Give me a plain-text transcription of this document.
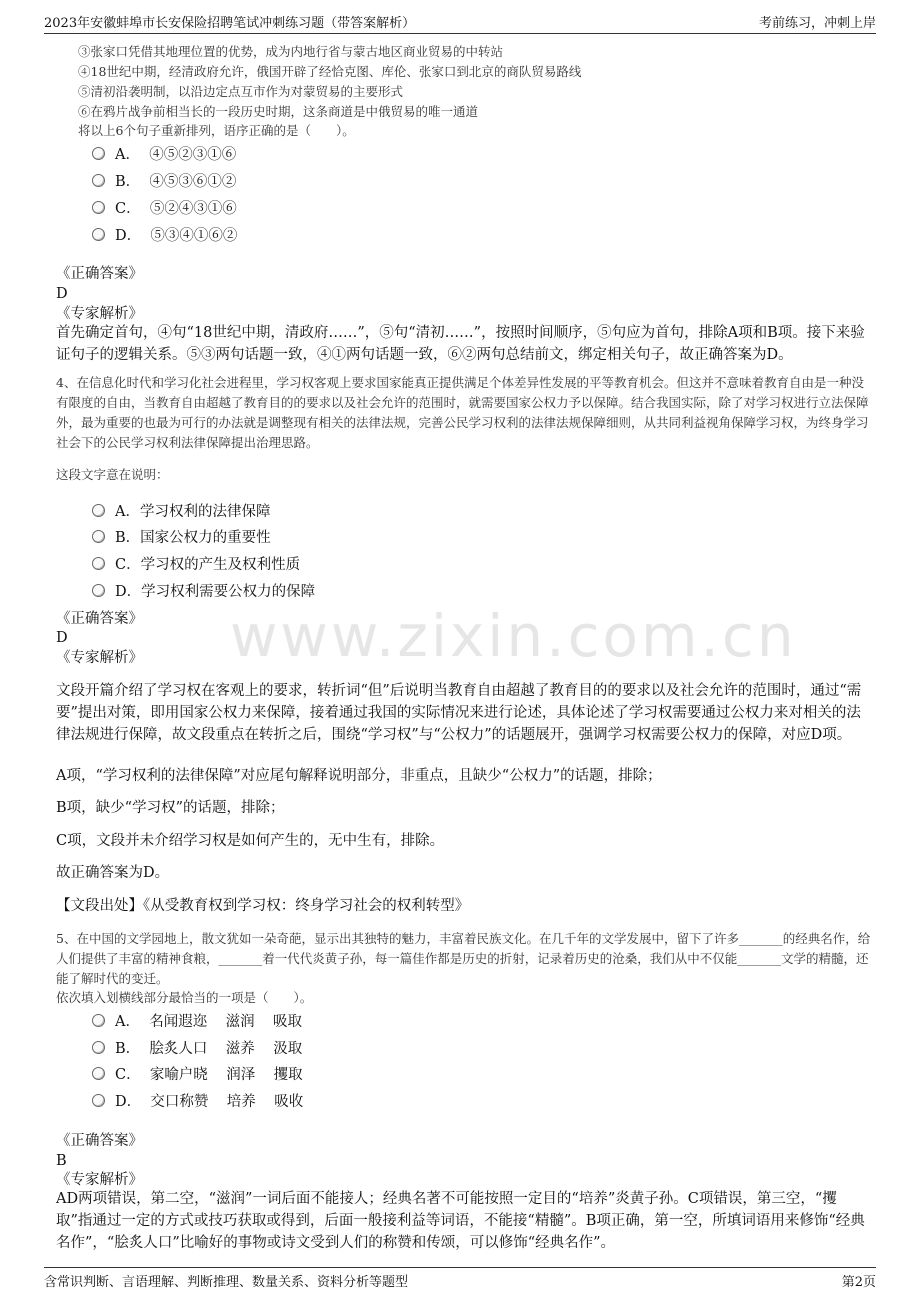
2023年安徽蚌埠市长安保险招聘笔试冲刺练习题（带答案解析）	考前练习，冲刺上岸
www.zixin.com.cn
③张家口凭借其地理位置的优势，成为内地行省与蒙古地区商业贸易的中转站
④18世纪中期，经清政府允许，俄国开辟了经恰克图、库伦、张家口到北京的商队贸易路线
⑤清初沿袭明制，以沿边定点互市作为对蒙贸易的主要形式
⑥在鸦片战争前相当长的一段历史时期，这条商道是中俄贸易的唯一通道
将以上6个句子重新排列，语序正确的是（　　）。
A．  ④⑤②③①⑥
B．  ④⑤③⑥①②
C．  ⑤②④③①⑥
D．  ⑤③④①⑥②
《正确答案》
D
《专家解析》
首先确定首句，④句“18世纪中期，清政府……”，⑤句“清初……”，按照时间顺序，⑤句应为首句，排除A项和B项。接下来验证句子的逻辑关系。⑤③两句话题一致，④①两句话题一致，⑥②两句总结前文，绑定相关句子，故正确答案为D。
4、在信息化时代和学习化社会进程里，学习权客观上要求国家能真正提供满足个体差异性发展的平等教育机会。但这并不意味着教育自由是一种没有限度的自由，当教育自由超越了教育目的的要求以及社会允许的范围时，就需要国家公权力予以保障。结合我国实际，除了对学习权进行立法保障外，最为重要的也最为可行的办法就是调整现有相关的法律法规，完善公民学习权利的法律法规保障细则，从共同利益视角保障学习权，为终身学习社会下的公民学习权利法律保障提出治理思路。
这段文字意在说明：
A．学习权利的法律保障
B．国家公权力的重要性
C．学习权的产生及权利性质
D．学习权利需要公权力的保障
《正确答案》
D
《专家解析》
文段开篇介绍了学习权在客观上的要求，转折词“但”后说明当教育自由超越了教育目的的要求以及社会允许的范围时，通过“需要”提出对策，即用国家公权力来保障，接着通过我国的实际情况来进行论述，具体论述了学习权需要通过公权力来对相关的法律法规进行保障，故文段重点在转折之后，围绕“学习权”与“公权力”的话题展开，强调学习权需要公权力的保障，对应D项。
A项，“学习权利的法律保障”对应尾句解释说明部分，非重点，且缺少“公权力”的话题，排除；
B项，缺少“学习权”的话题，排除；
C项，文段并未介绍学习权是如何产生的，无中生有，排除。
故正确答案为D。
【文段出处】《从受教育权到学习权：终身学习社会的权利转型》
5、在中国的文学园地上，散文犹如一朵奇葩，显示出其独特的魅力，丰富着民族文化。在几千年的文学发展中，留下了许多_______的经典名作，给人们提供了丰富的精神食粮，_______着一代代炎黄子孙，每一篇佳作都是历史的折射，记录着历史的沧桑，我们从中不仅能_______文学的精髓，还能了解时代的变迁。
依次填入划横线部分最恰当的一项是（　　）。
A．  名闻遐迩    滋润    吸取
B．  脍炙人口    滋养    汲取
C．  家喻户晓    润泽    攫取
D．  交口称赞    培养    吸收
《正确答案》
B
《专家解析》
AD两项错误，第二空，“滋润”一词后面不能接人；经典名著不可能按照一定目的“培养”炎黄子孙。C项错误，第三空，“攫取”指通过一定的方式或技巧获取或得到，后面一般接利益等词语，不能接“精髓”。B项正确，第一空，所填词语用来修饰“经典名作”，“脍炙人口”比喻好的事物或诗文受到人们的称赞和传颂，可以修饰“经典名作”。
含常识判断、言语理解、判断推理、数量关系、资料分析等题型	第2页
